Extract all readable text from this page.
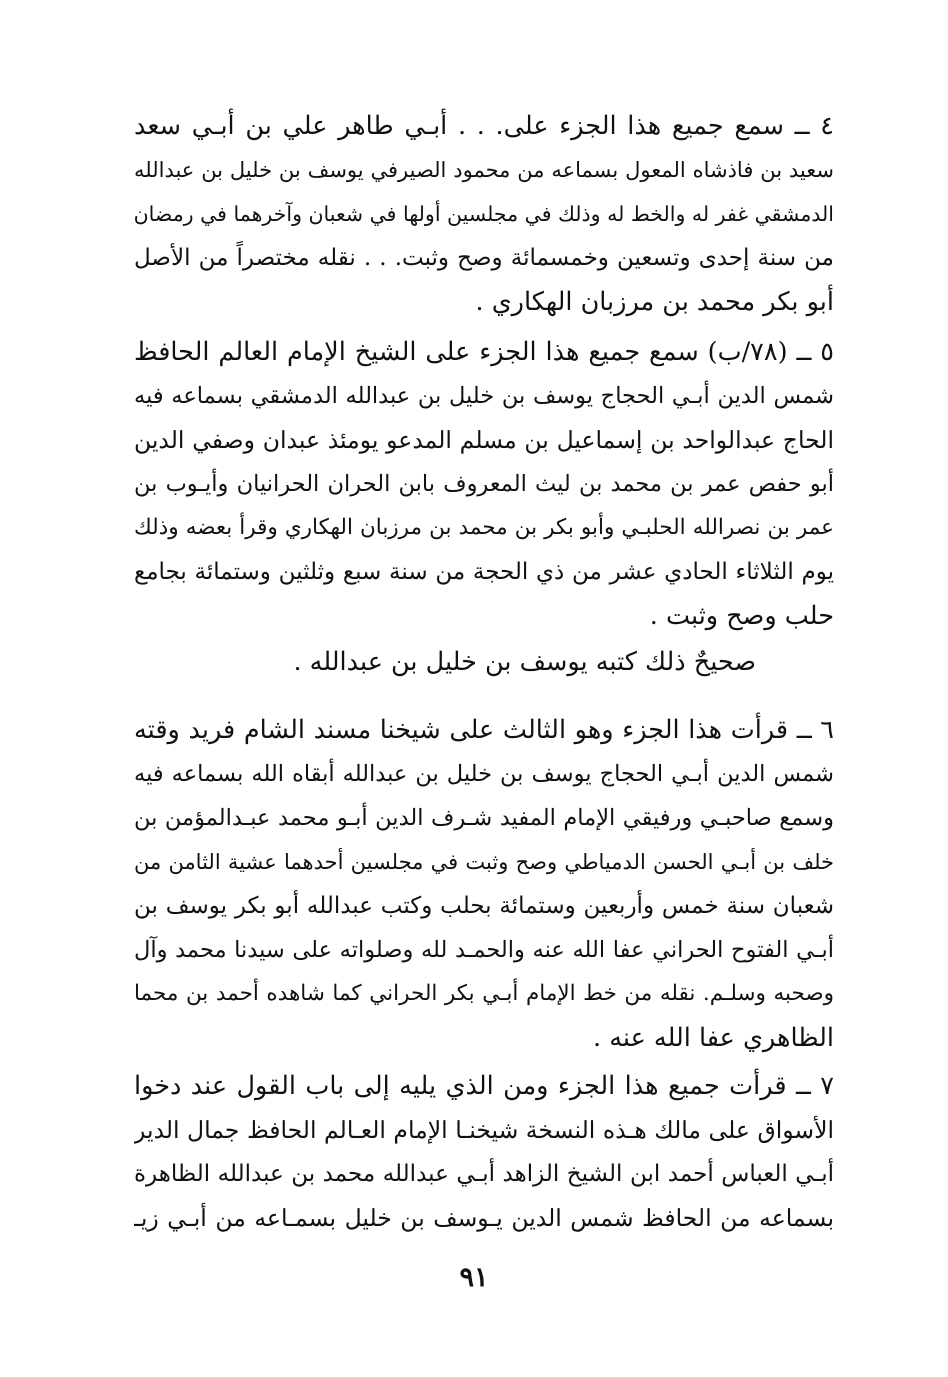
٤ ــ سمع جميع هذا الجزء على. . . أبـي طاهر علي بن أبـي سعد
سعيد بن فاذشاه المعول بسماعه من محمود الصيرفي يوسف بن خليل بن عبدالله
الدمشقي غفر له والخط له وذلك في مجلسين أولها في شعبان وآخرهما في رمضان
من سنة إحدى وتسعين وخمسمائة وصح وثبت. . . نقله مختصراً من الأصل
أبو بكر محمد بن مرزبان الهكاري .
٥ ــ (٧٨/ب) سمع جميع هذا الجزء على الشيخ الإمام العالم الحافظ
شمس الدين أبـي الحجاج يوسف بن خليل بن عبدالله الدمشقي بسماعه فيه
الحاج عبدالواحد بن إسماعيل بن مسلم المدعو يومئذ عبدان وصفي الدين
أبو حفص عمر بن محمد بن ليث المعروف بابن الحران الحرانيان وأيـوب بن
عمر بن نصرالله الحلبـي وأبو بكر بن محمد بن مرزبان الهكاري وقرأ بعضه وذلك
يوم الثلاثاء الحادي عشر من ذي الحجة من سنة سبع وثلثين وستمائة بجامع
حلب وصح وثبت .
صحيحٌ ذلك كتبه يوسف بن خليل بن عبدالله .
٦ ــ قرأت هذا الجزء وهو الثالث على شيخنا مسند الشام فريد وقته
شمس الدين أبـي الحجاج يوسف بن خليل بن عبدالله أبقاه الله بسماعه فيه
وسمع صاحبـي ورفيقي الإمام المفيد شـرف الدين أبـو محمد عبـدالمؤمن بن
خلف بن أبـي الحسن الدمياطي وصح وثبت في مجلسين أحدهما عشية الثامن من
شعبان سنة خمس وأربعين وستمائة بحلب وكتب عبدالله أبو بكر يوسف بن
أبـي الفتوح الحراني عفا الله عنه والحمـد لله وصلواته على سيدنا محمد وآل
وصحبه وسلـم. نقله من خط الإمام أبـي بكر الحراني كما شاهده أحمد بن محما
الظاهري عفا الله عنه .
٧ ــ قرأت جميع هذا الجزء ومن الذي يليه إلى باب القول عند دخوا
الأسواق على مالك هـذه النسخة شيخنـا الإمام العـالم الحافظ جمال الدير
أبـي العباس أحمد ابن الشيخ الزاهد أبـي عبدالله محمد بن عبدالله الظاهرة
بسماعه من الحافظ شمس الدين يـوسف بن خليل بسمـاعه من أبـي زيـ
٩١
